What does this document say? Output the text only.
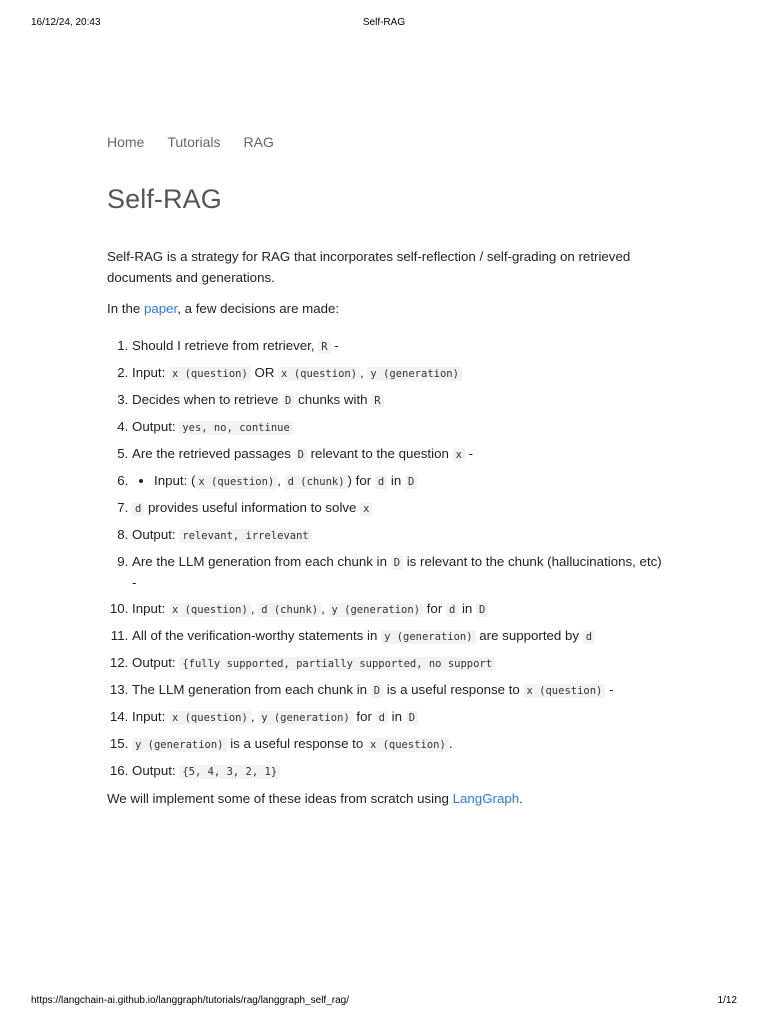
16/12/24, 20:43	Self-RAG
Home Tutorials RAG
Self-RAG

Self-RAG is a strategy for RAG that incorporates self-reflection / self-grading on retrieved documents and generations.

In the paper, a few decisions are made:

1. Should I retrieve from retriever, R -
2. Input: x (question) OR x (question) , y (generation)
3. Decides when to retrieve D chunks with R
4. Output: yes, no, continue
5. Are the retrieved passages D relevant to the question x -
• 6. Input: ( x (question) , d (chunk) ) for d in D
7. d provides useful information to solve x
8. Output: relevant, irrelevant
9. Are the LLM generation from each chunk in D is relevant to the chunk (hallucinations, etc) -
10. Input: x (question) , d (chunk) , y (generation) for d in D
11. All of the verification-worthy statements in y (generation) are supported by d
12. Output: {fully supported, partially supported, no support
13. The LLM generation from each chunk in D is a useful response to x (question) -
14. Input: x (question) , y (generation) for d in D
15. y (generation) is a useful response to x (question) .
16. Output: {5, 4, 3, 2, 1}

We will implement some of these ideas from scratch using LangGraph.

https://langchain-ai.github.io/langgraph/tutorials/rag/langgraph_self_rag/	1/12
